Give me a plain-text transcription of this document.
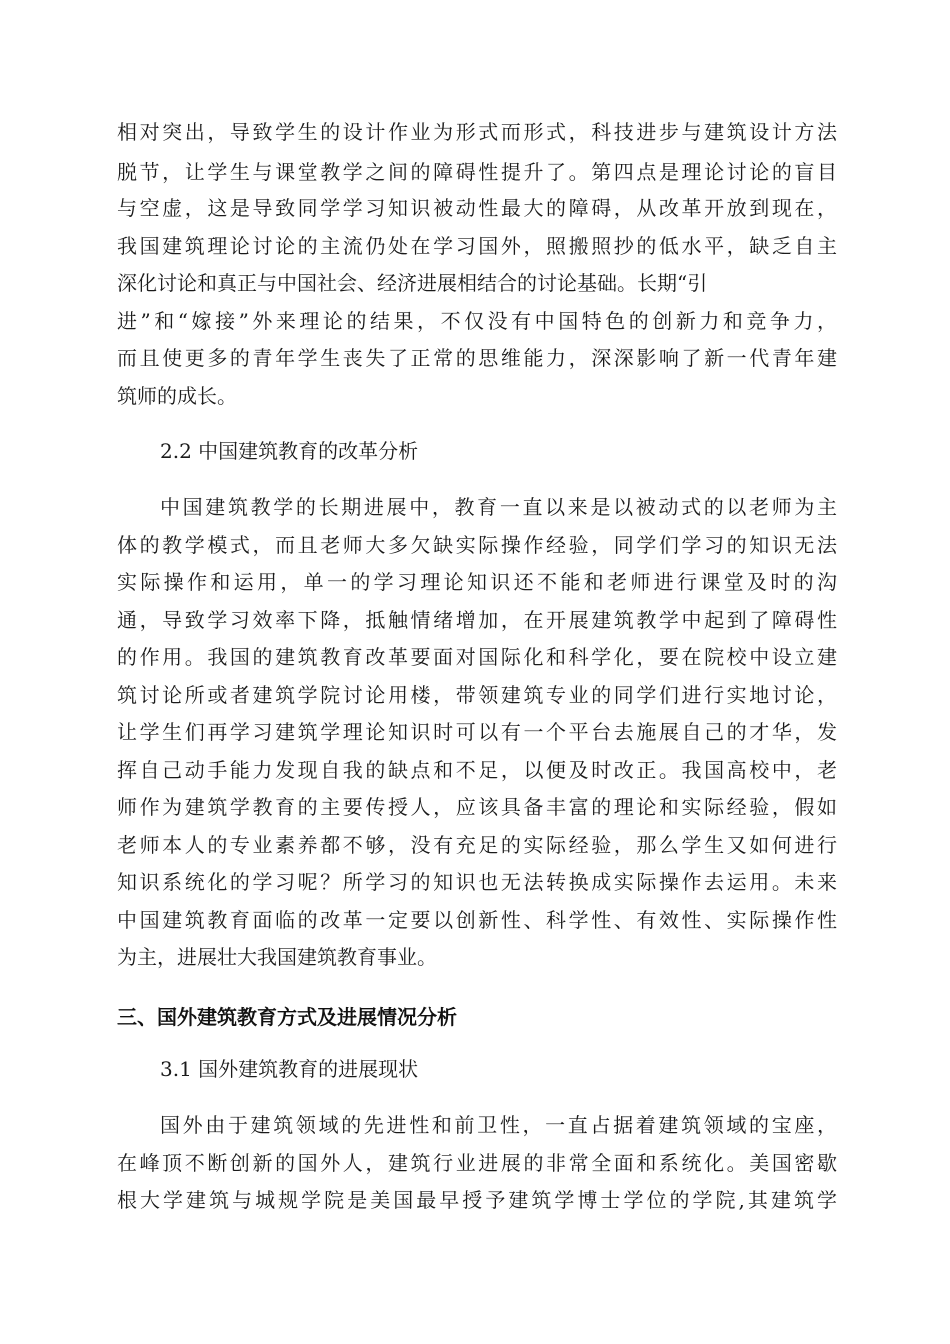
相对突出，导致学生的设计作业为形式而形式，科技进步与建筑设计方法
脱节，让学生与课堂教学之间的障碍性提升了。第四点是理论讨论的盲目
与空虚，这是导致同学学习知识被动性最大的障碍，从改革开放到现在，
我国建筑理论讨论的主流仍处在学习国外，照搬照抄的低水平，缺乏自主
深化讨论和真正与中国社会、经济进展相结合的讨论基础。长期“引
进”和“嫁接”外来理论的结果，不仅没有中国特色的创新力和竞争力，
而且使更多的青年学生丧失了正常的思维能力，深深影响了新一代青年建
筑师的成长。
2.2 中国建筑教育的改革分析
中国建筑教学的长期进展中，教育一直以来是以被动式的以老师为主
体的教学模式，而且老师大多欠缺实际操作经验，同学们学习的知识无法
实际操作和运用，单一的学习理论知识还不能和老师进行课堂及时的沟
通，导致学习效率下降，抵触情绪增加，在开展建筑教学中起到了障碍性
的作用。我国的建筑教育改革要面对国际化和科学化，要在院校中设立建
筑讨论所或者建筑学院讨论用楼，带领建筑专业的同学们进行实地讨论，
让学生们再学习建筑学理论知识时可以有一个平台去施展自己的才华，发
挥自己动手能力发现自我的缺点和不足，以便及时改正。我国高校中，老
师作为建筑学教育的主要传授人，应该具备丰富的理论和实际经验，假如
老师本人的专业素养都不够，没有充足的实际经验，那么学生又如何进行
知识系统化的学习呢？所学习的知识也无法转换成实际操作去运用。未来
中国建筑教育面临的改革一定要以创新性、科学性、有效性、实际操作性
为主，进展壮大我国建筑教育事业。
三、国外建筑教育方式及进展情况分析
3.1 国外建筑教育的进展现状
国外由于建筑领域的先进性和前卫性，一直占据着建筑领域的宝座，
在峰顶不断创新的国外人，建筑行业进展的非常全面和系统化。美国密歇
根大学建筑与城规学院是美国最早授予建筑学博士学位的学院,其建筑学
